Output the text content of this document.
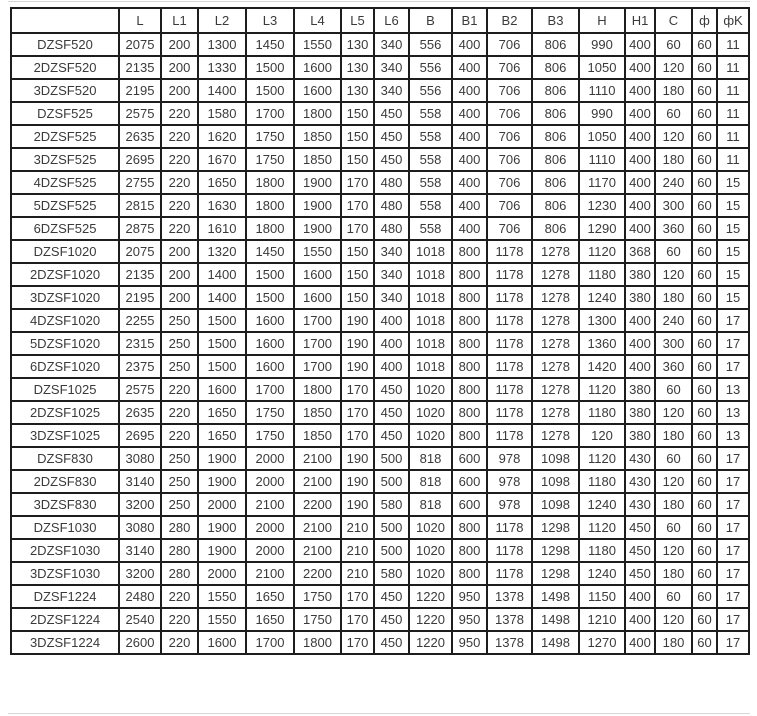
	L	L1	L2	L3	L4	L5	L6	B	B1	B2	B3	H	H1	C	ф	фK
DZSF520	2075	200	1300	1450	1550	130	340	556	400	706	806	990	400	60	60	11
2DZSF520	2135	200	1330	1500	1600	130	340	556	400	706	806	1050	400	120	60	11
3DZSF520	2195	200	1400	1500	1600	130	340	556	400	706	806	1110	400	180	60	11
DZSF525	2575	220	1580	1700	1800	150	450	558	400	706	806	990	400	60	60	11
2DZSF525	2635	220	1620	1750	1850	150	450	558	400	706	806	1050	400	120	60	11
3DZSF525	2695	220	1670	1750	1850	150	450	558	400	706	806	1110	400	180	60	11
4DZSF525	2755	220	1650	1800	1900	170	480	558	400	706	806	1170	400	240	60	15
5DZSF525	2815	220	1630	1800	1900	170	480	558	400	706	806	1230	400	300	60	15
6DZSF525	2875	220	1610	1800	1900	170	480	558	400	706	806	1290	400	360	60	15
DZSF1020	2075	200	1320	1450	1550	150	340	1018	800	1178	1278	1120	368	60	60	15
2DZSF1020	2135	200	1400	1500	1600	150	340	1018	800	1178	1278	1180	380	120	60	15
3DZSF1020	2195	200	1400	1500	1600	150	340	1018	800	1178	1278	1240	380	180	60	15
4DZSF1020	2255	250	1500	1600	1700	190	400	1018	800	1178	1278	1300	400	240	60	17
5DZSF1020	2315	250	1500	1600	1700	190	400	1018	800	1178	1278	1360	400	300	60	17
6DZSF1020	2375	250	1500	1600	1700	190	400	1018	800	1178	1278	1420	400	360	60	17
DZSF1025	2575	220	1600	1700	1800	170	450	1020	800	1178	1278	1120	380	60	60	13
2DZSF1025	2635	220	1650	1750	1850	170	450	1020	800	1178	1278	1180	380	120	60	13
3DZSF1025	2695	220	1650	1750	1850	170	450	1020	800	1178	1278	120	380	180	60	13
DZSF830	3080	250	1900	2000	2100	190	500	818	600	978	1098	1120	430	60	60	17
2DZSF830	3140	250	1900	2000	2100	190	500	818	600	978	1098	1180	430	120	60	17
3DZSF830	3200	250	2000	2100	2200	190	580	818	600	978	1098	1240	430	180	60	17
DZSF1030	3080	280	1900	2000	2100	210	500	1020	800	1178	1298	1120	450	60	60	17
2DZSF1030	3140	280	1900	2000	2100	210	500	1020	800	1178	1298	1180	450	120	60	17
3DZSF1030	3200	280	2000	2100	2200	210	580	1020	800	1178	1298	1240	450	180	60	17
DZSF1224	2480	220	1550	1650	1750	170	450	1220	950	1378	1498	1150	400	60	60	17
2DZSF1224	2540	220	1550	1650	1750	170	450	1220	950	1378	1498	1210	400	120	60	17
3DZSF1224	2600	220	1600	1700	1800	170	450	1220	950	1378	1498	1270	400	180	60	17
